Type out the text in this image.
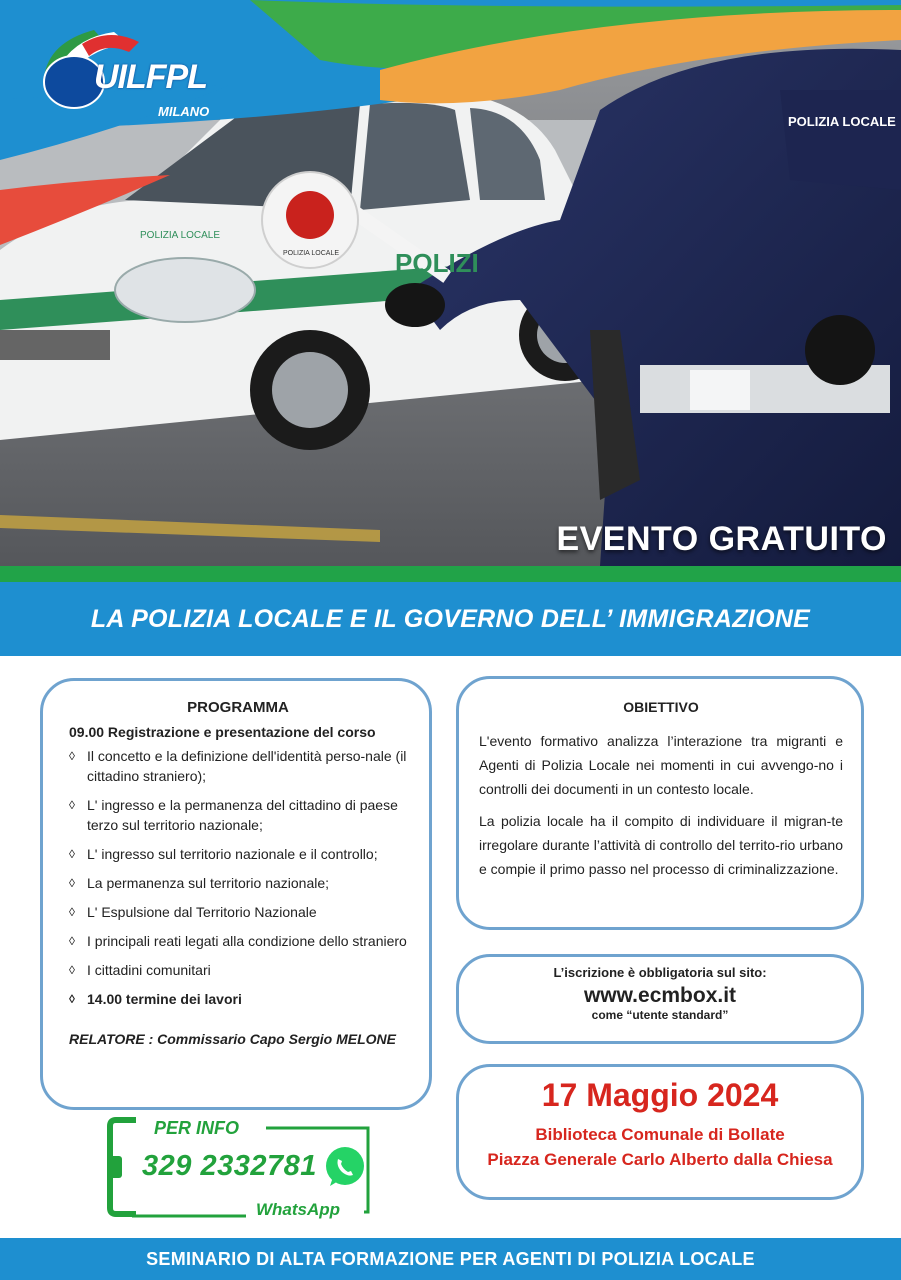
POLIZIA LOCALE
POLIZI
POLIZIA LOCALE
POLIZIA LOCALE
UILFPL
MILANO
EVENTO GRATUITO
LA POLIZIA LOCALE E IL GOVERNO DELL’ IMMIGRAZIONE
PROGRAMMA
09.00 Registrazione e presentazione del corso
◊ Il concetto e la definizione dell'identità perso-nale (il cittadino straniero);
◊ L' ingresso e la permanenza del cittadino di paese terzo sul territorio nazionale;
◊ L' ingresso sul territorio nazionale e il controllo;
◊ La permanenza sul territorio nazionale;
◊ L' Espulsione dal Territorio Nazionale
◊ I principali reati legati alla condizione dello straniero
◊ I cittadini comunitari
◊ 14.00 termine dei lavori
RELATORE : Commissario Capo Sergio MELONE
OBIETTIVO

L'evento formativo analizza l’interazione tra migranti e Agenti di Polizia Locale nei momenti in cui avvengo-no i controlli dei documenti in un contesto locale.

La polizia locale ha il compito di individuare il migran-te irregolare durante l’attività di controllo del territo-rio urbano e compie il primo passo nel processo di criminalizzazione.

L’iscrizione è obbligatoria sul sito:
www.ecmbox.it
come “utente standard”
17 Maggio 2024
Biblioteca Comunale di Bollate
Piazza Generale Carlo Alberto dalla Chiesa
PER INFO
329 2332781
WhatsApp
SEMINARIO DI ALTA FORMAZIONE PER AGENTI DI POLIZIA LOCALE
